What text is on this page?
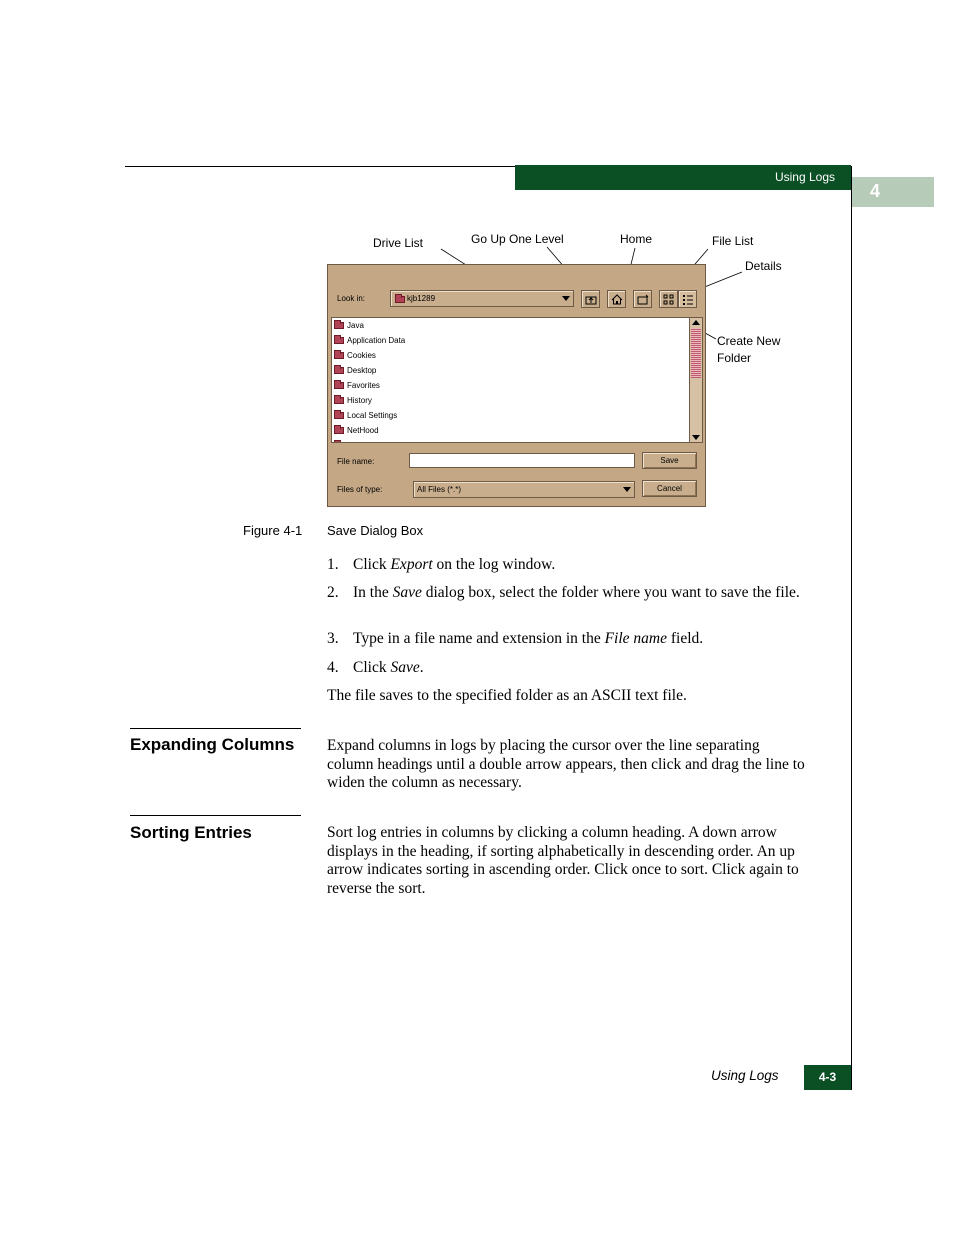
Using Logs
4
Drive List	Go Up One Level	Home	File List
Details
Create New
Folder
Look in:	kjb1289
Java
Application Data
Cookies
Desktop
Favorites
History
Local Settings
NetHood
File name:	Save
Files of type:	All Files (*.*)	Cancel
Figure 4-1 Save Dialog Box
1. Click Export on the log window.
2. In the Save dialog box, select the folder where you want to save the file.
3. Type in a file name and extension in the File name field.
4. Click Save.
The file saves to the specified folder as an ASCII text file.
Expanding Columns Expand columns in logs by placing the cursor over the line separating column headings until a double arrow appears, then click and drag the line to widen the column as necessary.
Sorting Entries	Sort log entries in columns by clicking a column heading. A down arrow displays in the heading, if sorting alphabetically in descending order. An up arrow indicates sorting in ascending order. Click once to sort. Click again to reverse the sort.
Using Logs	4-3
